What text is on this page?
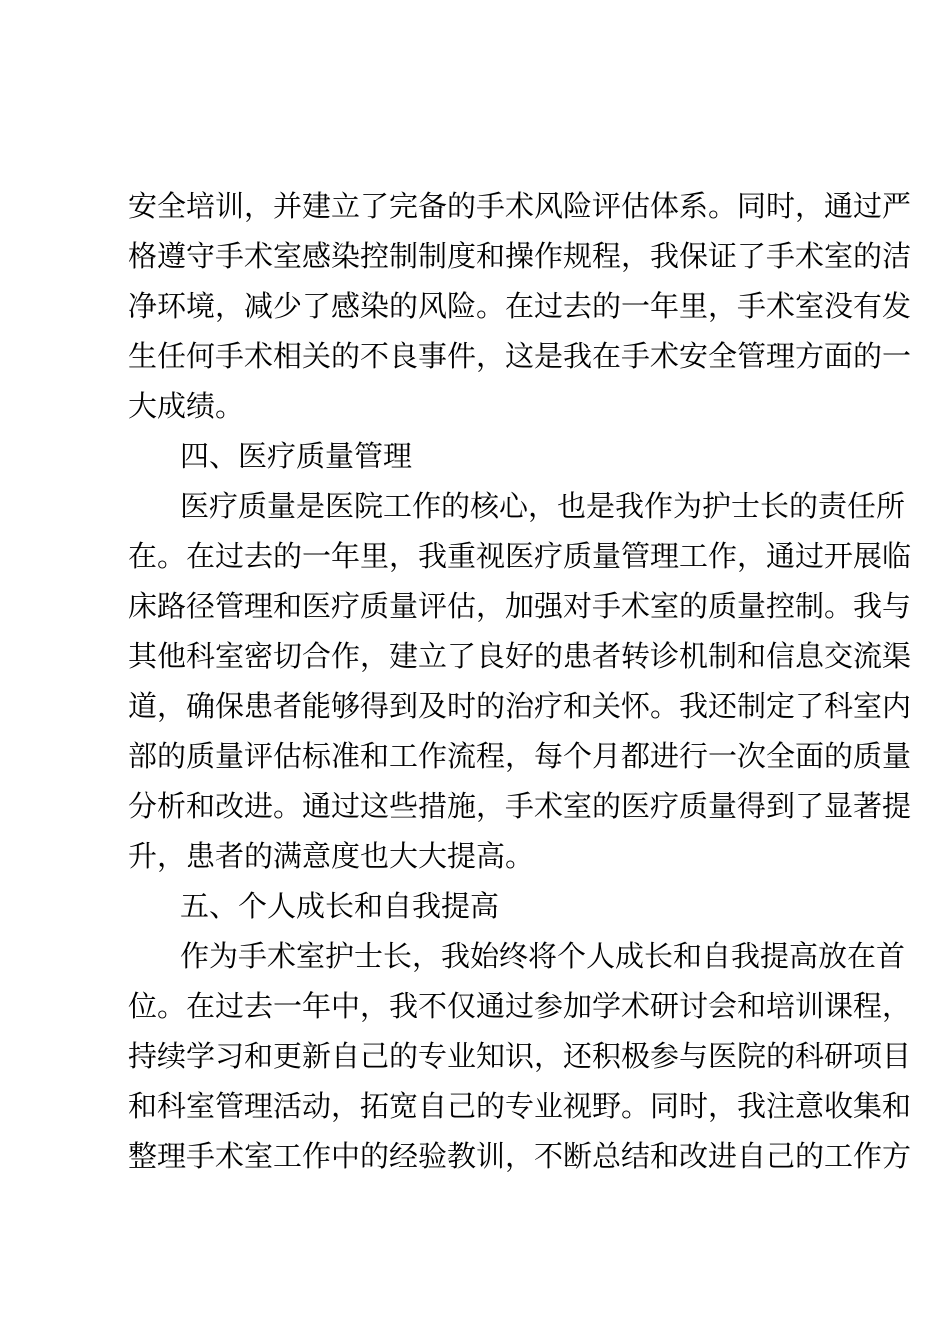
安全培训，并建立了完备的手术风险评估体系。同时，通过严
格遵守手术室感染控制制度和操作规程，我保证了手术室的洁
净环境，减少了感染的风险。在过去的一年里，手术室没有发
生任何手术相关的不良事件，这是我在手术安全管理方面的一
大成绩。
四、医疗质量管理
医疗质量是医院工作的核心，也是我作为护士长的责任所
在。在过去的一年里，我重视医疗质量管理工作，通过开展临
床路径管理和医疗质量评估，加强对手术室的质量控制。我与
其他科室密切合作，建立了良好的患者转诊机制和信息交流渠
道，确保患者能够得到及时的治疗和关怀。我还制定了科室内
部的质量评估标准和工作流程，每个月都进行一次全面的质量
分析和改进。通过这些措施，手术室的医疗质量得到了显著提
升，患者的满意度也大大提高。
五、个人成长和自我提高
作为手术室护士长，我始终将个人成长和自我提高放在首
位。在过去一年中，我不仅通过参加学术研讨会和培训课程，
持续学习和更新自己的专业知识，还积极参与医院的科研项目
和科室管理活动，拓宽自己的专业视野。同时，我注意收集和
整理手术室工作中的经验教训，不断总结和改进自己的工作方
